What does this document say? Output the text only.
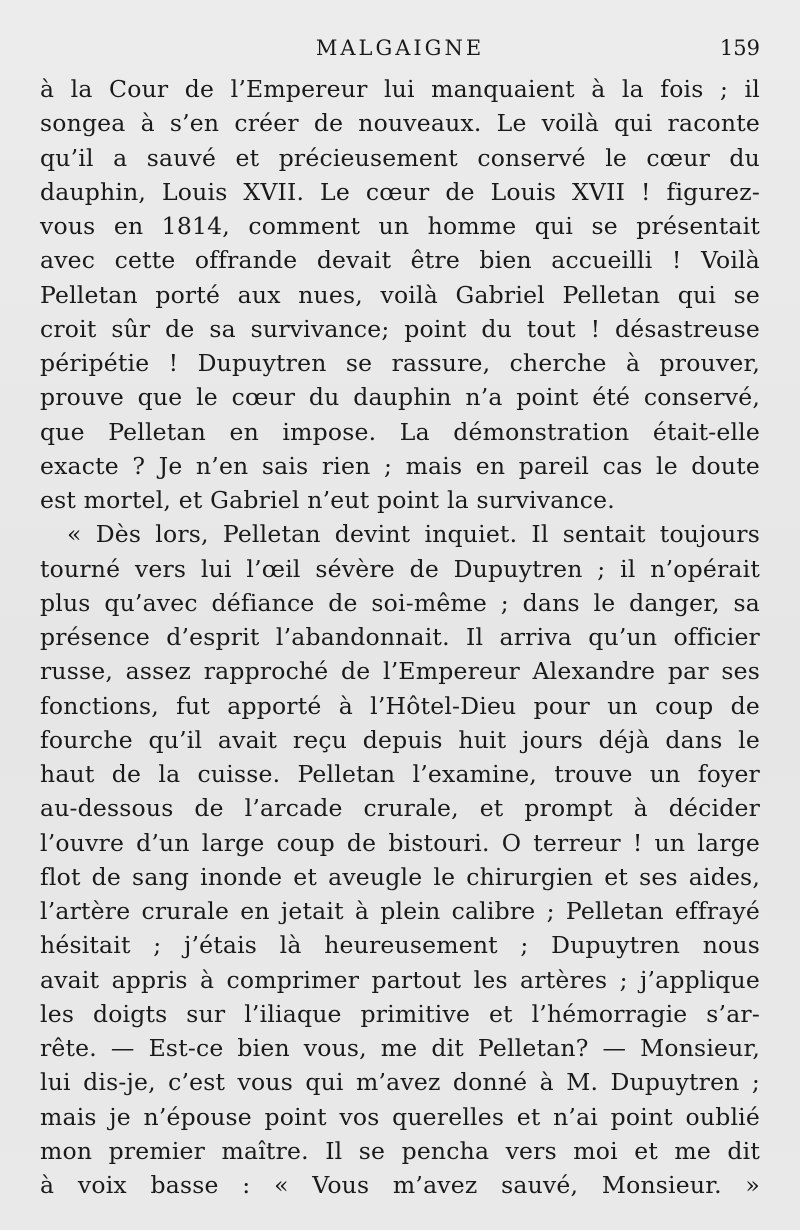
MALGAIGNE	159
à la Cour de l’Empereur lui manquaient à la fois ; il
songea à s’en créer de nouveaux. Le voilà qui raconte
qu’il a sauvé et précieusement conservé le cœur du
dauphin, Louis XVII. Le cœur de Louis XVII ! figurez-
vous en 1814, comment un homme qui se présentait
avec cette offrande devait être bien accueilli ! Voilà
Pelletan porté aux nues, voilà Gabriel Pelletan qui se
croit sûr de sa survivance; point du tout ! désastreuse
péripétie ! Dupuytren se rassure, cherche à prouver,
prouve que le cœur du dauphin n’a point été conservé,
que Pelletan en impose. La démonstration était-elle
exacte ? Je n’en sais rien ; mais en pareil cas le doute
est mortel, et Gabriel n’eut point la survivance.
« Dès lors, Pelletan devint inquiet. Il sentait toujours
tourné vers lui l’œil sévère de Dupuytren ; il n’opérait
plus qu’avec défiance de soi-même ; dans le danger, sa
présence d’esprit l’abandonnait. Il arriva qu’un officier
russe, assez rapproché de l’Empereur Alexandre par ses
fonctions, fut apporté à l’Hôtel-Dieu pour un coup de
fourche qu’il avait reçu depuis huit jours déjà dans le
haut de la cuisse. Pelletan l’examine, trouve un foyer
au-dessous de l’arcade crurale, et prompt à décider
l’ouvre d’un large coup de bistouri. O terreur ! un large
flot de sang inonde et aveugle le chirurgien et ses aides,
l’artère crurale en jetait à plein calibre ; Pelletan effrayé
hésitait ; j’étais là heureusement ; Dupuytren nous
avait appris à comprimer partout les artères ; j’applique
les doigts sur l’iliaque primitive et l’hémorragie s’ar-
rête. — Est-ce bien vous, me dit Pelletan? — Monsieur,
lui dis-je, c’est vous qui m’avez donné à M. Dupuytren ;
mais je n’épouse point vos querelles et n’ai point oublié
mon premier maître. Il se pencha vers moi et me dit
à voix basse : « Vous m’avez sauvé, Monsieur. »
